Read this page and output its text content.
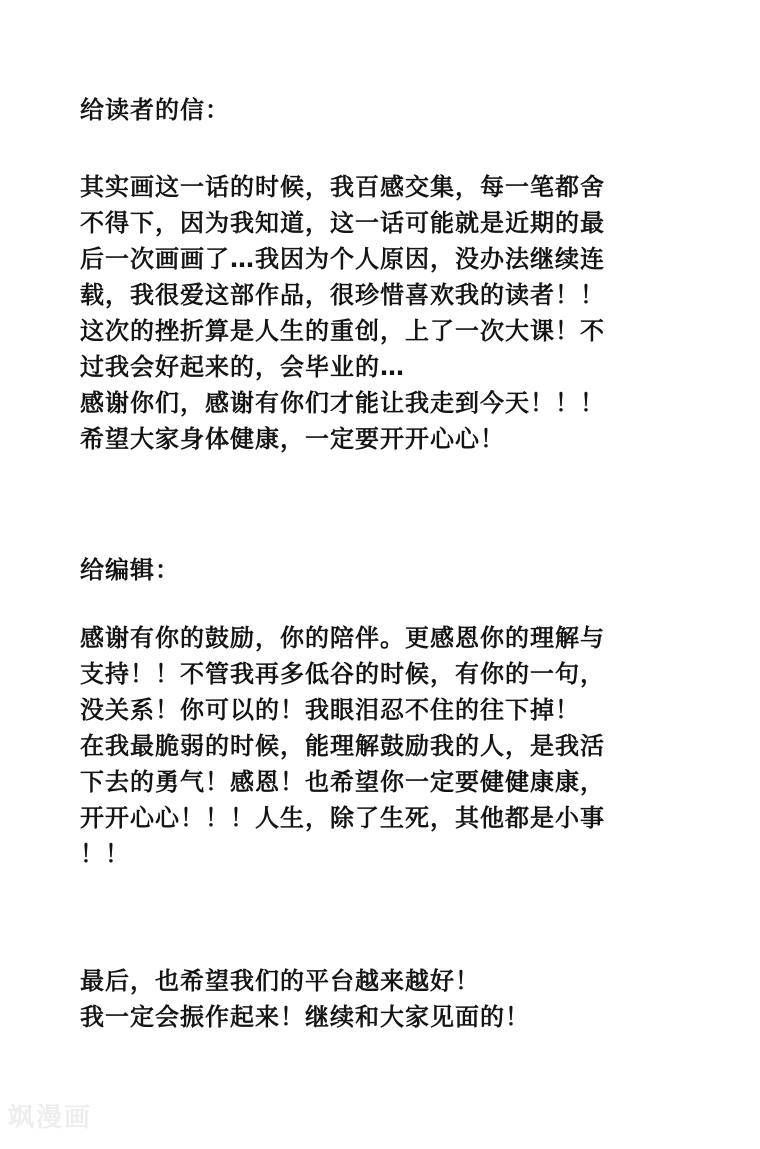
给读者的信：
其实画这一话的时候，我百感交集，每一笔都舍
不得下，因为我知道，这一话可能就是近期的最
后一次画画了…我因为个人原因，没办法继续连
载，我很爱这部作品，很珍惜喜欢我的读者！！
这次的挫折算是人生的重创，上了一次大课！不
过我会好起来的，会毕业的…
感谢你们，感谢有你们才能让我走到今天！！！
希望大家身体健康，一定要开开心心！
给编辑：
感谢有你的鼓励，你的陪伴。更感恩你的理解与
支持！！不管我再多低谷的时候，有你的一句，
没关系！你可以的！我眼泪忍不住的往下掉！
在我最脆弱的时候，能理解鼓励我的人，是我活
下去的勇气！感恩！也希望你一定要健健康康，
开开心心！！！人生，除了生死，其他都是小事
！！
最后，也希望我们的平台越来越好！
我一定会振作起来！继续和大家见面的！
飒漫画
